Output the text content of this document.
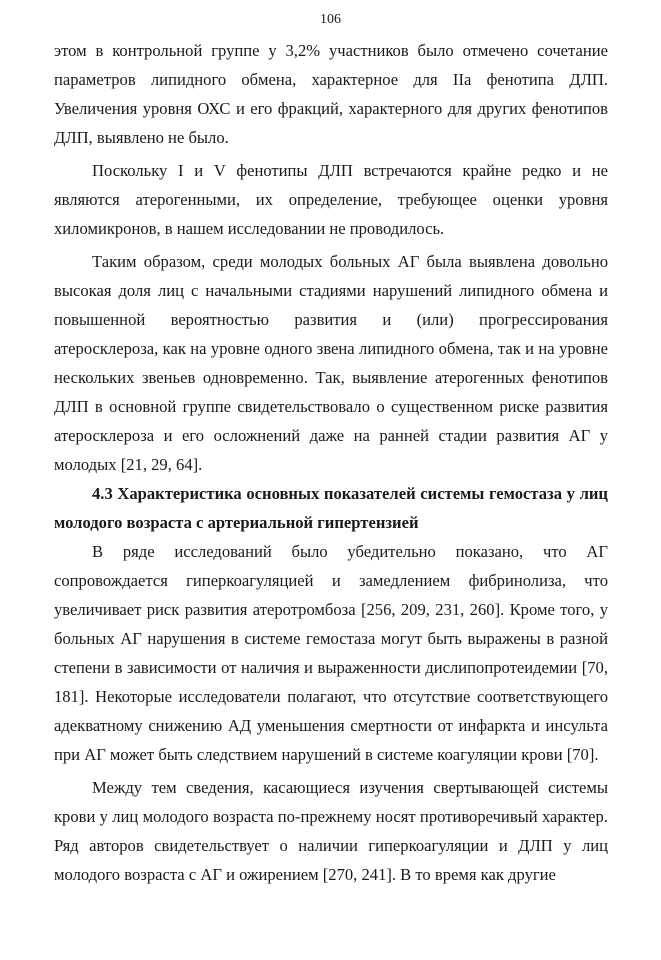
106

этом в контрольной группе у 3,2% участников было отмечено сочетание параметров липидного обмена, характерное для IIa фенотипа ДЛП. Увеличения уровня ОХС и его фракций, характерного для других фенотипов ДЛП, выявлено не было.

Поскольку I и V фенотипы ДЛП встречаются крайне редко и не являются атерогенными, их определение, требующее оценки уровня хиломикронов, в нашем исследовании не проводилось.

Таким образом, среди молодых больных АГ была выявлена довольно высокая доля лиц с начальными стадиями нарушений липидного обмена и повышенной вероятностью развития и (или) прогрессирования атеросклероза, как на уровне одного звена липидного обмена, так и на уровне нескольких звеньев одновременно. Так, выявление атерогенных фенотипов ДЛП в основной группе свидетельствовало о существенном риске развития атеросклероза и его осложнений даже на ранней стадии развития АГ у молодых [21, 29, 64].

4.3 Характеристика основных показателей системы гемостаза у лиц молодого возраста с артериальной гипертензией

В ряде исследований было убедительно показано, что АГ сопровождается гиперкоагуляцией и замедлением фибринолиза, что увеличивает риск развития атеротромбоза [256, 209, 231, 260]. Кроме того, у больных АГ нарушения в системе гемостаза могут быть выражены в разной степени в зависимости от наличия и выраженности дислипопротеидемии [70, 181]. Некоторые исследователи полагают, что отсутствие соответствующего адекватному снижению АД уменьшения смертности от инфаркта и инсульта при АГ может быть следствием нарушений в системе коагуляции крови [70].

Между тем сведения, касающиеся изучения свертывающей системы крови у лиц молодого возраста по-прежнему носят противоречивый характер. Ряд авторов свидетельствует о наличии гиперкоагуляции и ДЛП у лиц молодого возраста с АГ и ожирением [270, 241]. В то время как другие
